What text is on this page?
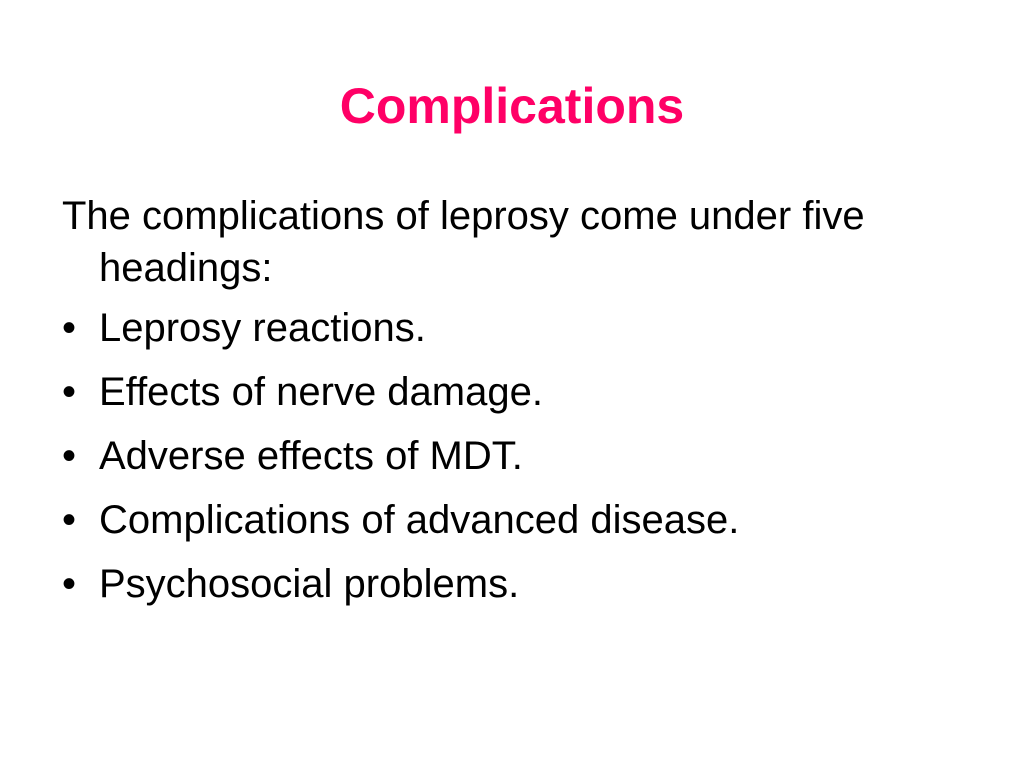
Complications

The complications of leprosy come under five headings:

• Leprosy reactions.
• Effects of nerve damage.
• Adverse effects of MDT.
• Complications of advanced disease.
• Psychosocial problems.
